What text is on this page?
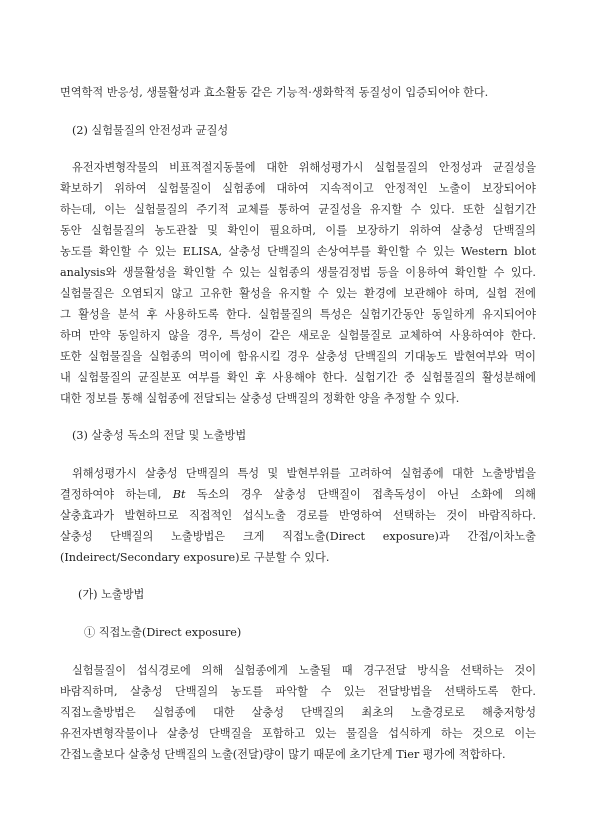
면역학적 반응성, 생물활성과 효소활동 같은 기능적·생화학적 동질성이 입증되어야 한다.
(2) 실험물질의 안전성과 균질성
유전자변형작물의 비표적절지동물에 대한 위해성평가시 실험물질의 안정성과 균질성을
확보하기 위하여 실험물질이 실험종에 대하여 지속적이고 안정적인 노출이 보장되어야
하는데, 이는 실험물질의 주기적 교체를 통하여 균질성을 유지할 수 있다. 또한 실험기간
동안 실험물질의 농도관찰 및 확인이 필요하며, 이를 보장하기 위하여 살충성 단백질의
농도를 확인할 수 있는 ELISA, 살충성 단백질의 손상여부를 확인할 수 있는 Western blot
analysis와 생물활성을 확인할 수 있는 실험종의 생물검정법 등을 이용하여 확인할 수 있다.
실험물질은 오염되지 않고 고유한 활성을 유지할 수 있는 환경에 보관해야 하며, 실험 전에
그 활성을 분석 후 사용하도록 한다. 실험물질의 특성은 실험기간동안 동일하게 유지되어야
하며 만약 동일하지 않을 경우, 특성이 같은 새로운 실험물질로 교체하여 사용하여야 한다.
또한 실험물질을 실험종의 먹이에 함유시킬 경우 살충성 단백질의 기대농도 발현여부와 먹이
내 실험물질의 균질분포 여부를 확인 후 사용해야 한다. 실험기간 중 실험물질의 활성분해에
대한 정보를 통해 실험종에 전달되는 살충성 단백질의 정확한 양을 추정할 수 있다.
(3) 살충성 독소의 전달 및 노출방법
위해성평가시 살충성 단백질의 특성 및 발현부위를 고려하여 실험종에 대한 노출방법을
결정하여야 하는데, Bt 독소의 경우 살충성 단백질이 접촉독성이 아닌 소화에 의해
살충효과가 발현하므로 직접적인 섭식노출 경로를 반영하여 선택하는 것이 바람직하다.
살충성 단백질의 노출방법은 크게 직접노출(Direct exposure)과 간접/이차노출
(Indeirect/Secondary exposure)로 구분할 수 있다.
(가) 노출방법
① 직접노출(Direct exposure)
실험물질이 섭식경로에 의해 실험종에게 노출될 때 경구전달 방식을 선택하는 것이
바람직하며, 살충성 단백질의 농도를 파악할 수 있는 전달방법을 선택하도록 한다.
직접노출방법은 실험종에 대한 살충성 단백질의 최초의 노출경로로 해충저항성
유전자변형작물이나 살충성 단백질을 포함하고 있는 물질을 섭식하게 하는 것으로 이는
간접노출보다 살충성 단백질의 노출(전달)량이 많기 때문에 초기단계 Tier 평가에 적합하다.
